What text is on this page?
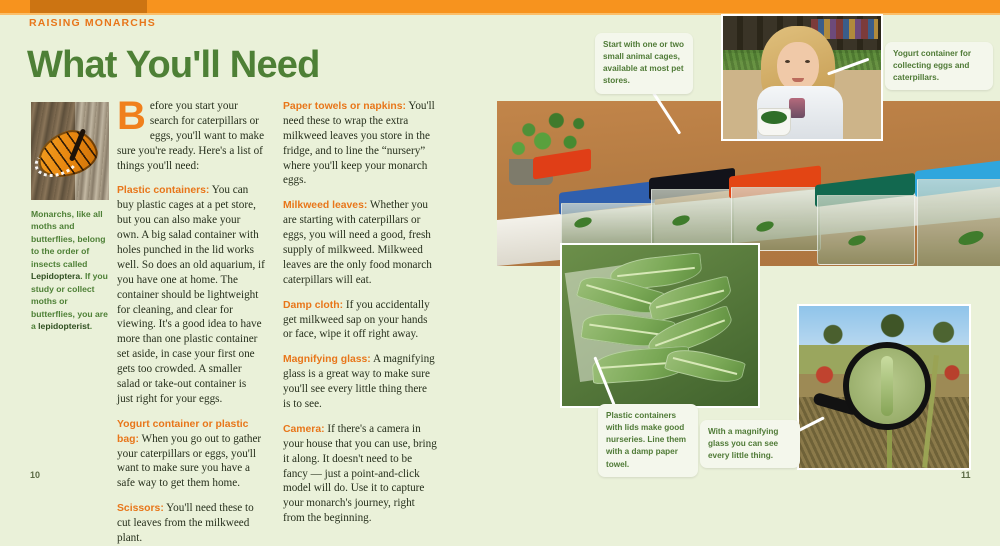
RAISING MONARCHS
What You'll Need
Monarchs, like all moths and butterflies, belong to the order of insects called Lepidoptera. If you study or collect moths or butterflies, you are a lepidopterist.

Before you start your search for caterpillars or eggs, you'll want to make sure you're ready. Here's a list of things you'll need:

Plastic containers: You can buy plastic cages at a pet store, but you can also make your own. A big salad container with holes punched in the lid works well. So does an old aquarium, if you have one at home. The container should be lightweight for cleaning, and clear for viewing. It's a good idea to have more than one plastic container set aside, in case your first one gets too crowded. A smaller salad or take-out container is just right for your eggs.

Yogurt container or plastic bag: When you go out to gather your caterpillars or eggs, you'll want to make sure you have a safe way to get them home.

Scissors: You'll need these to cut leaves from the milkweed plant.

Paper towels or napkins: You'll need these to wrap the extra milkweed leaves you store in the fridge, and to line the “nursery” where you'll keep your monarch eggs.

Milkweed leaves: Whether you are starting with caterpillars or eggs, you will need a good, fresh supply of milkweed. Milkweed leaves are the only food monarch caterpillars will eat.

Damp cloth: If you accidentally get milkweed sap on your hands or face, wipe it off right away.

Magnifying glass: A magnifying glass is a great way to make sure you'll see every little thing there is to see.

Camera: If there's a camera in your house that you can use, bring it along. It doesn't need to be fancy — just a point-and-click model will do. Use it to capture your monarch's journey, right from the beginning.

10
Start with one or two small animal cages, available at most pet stores.
Yogurt container for collecting eggs and caterpillars.
Plastic containers with lids make good nurseries. Line them with a damp paper towel.
With a magnifying glass you can see every little thing.
11
